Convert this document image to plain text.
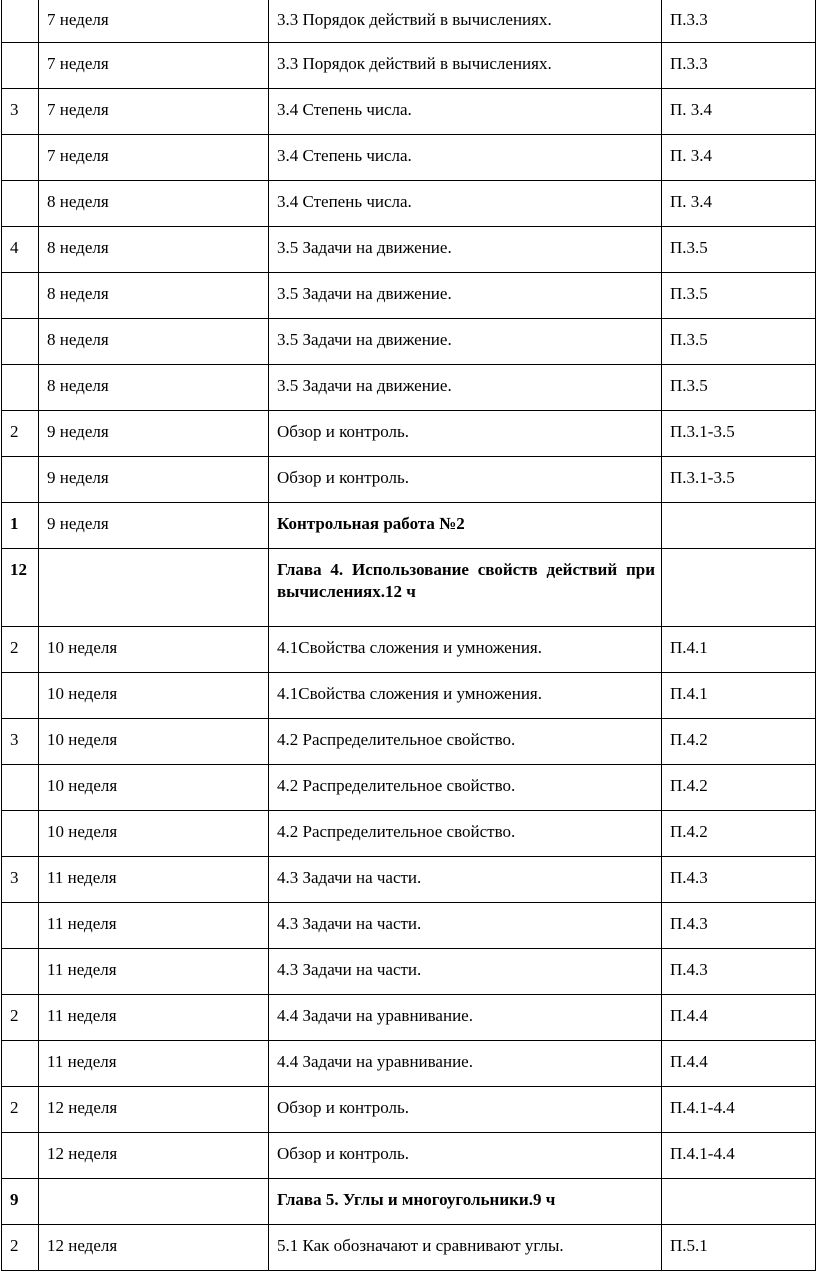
	7 неделя	3.3 Порядок действий в вычислениях.	П.3.3
	7 неделя	3.3 Порядок действий в вычислениях.	П.3.3
3	7 неделя	3.4 Степень числа.	П. 3.4
	7 неделя	3.4 Степень числа.	П. 3.4
	8 неделя	3.4 Степень числа.	П. 3.4
4	8 неделя	3.5 Задачи на движение.	П.3.5
	8 неделя	3.5 Задачи на движение.	П.3.5
	8 неделя	3.5 Задачи на движение.	П.3.5
	8 неделя	3.5 Задачи на движение.	П.3.5
2	9 неделя	Обзор и контроль.	П.3.1-3.5
	9 неделя	Обзор и контроль.	П.3.1-3.5
1	9 неделя	Контрольная работа №2	
12		Глава 4. Использование свойств действий при вычислениях.12 ч	
2	10 неделя	4.1Свойства сложения и умножения.	П.4.1
	10 неделя	4.1Свойства сложения и умножения.	П.4.1
3	10 неделя	4.2 Распределительное свойство.	П.4.2
	10 неделя	4.2 Распределительное свойство.	П.4.2
	10 неделя	4.2 Распределительное свойство.	П.4.2
3	11 неделя	4.3 Задачи на части.	П.4.3
	11 неделя	4.3 Задачи на части.	П.4.3
	11 неделя	4.3 Задачи на части.	П.4.3
2	11 неделя	4.4 Задачи на уравнивание.	П.4.4
	11 неделя	4.4 Задачи на уравнивание.	П.4.4
2	12 неделя	Обзор и контроль.	П.4.1-4.4
	12 неделя	Обзор и контроль.	П.4.1-4.4
9		Глава 5. Углы и многоугольники.9 ч	
2	12 неделя	5.1 Как обозначают и сравнивают углы.	П.5.1
